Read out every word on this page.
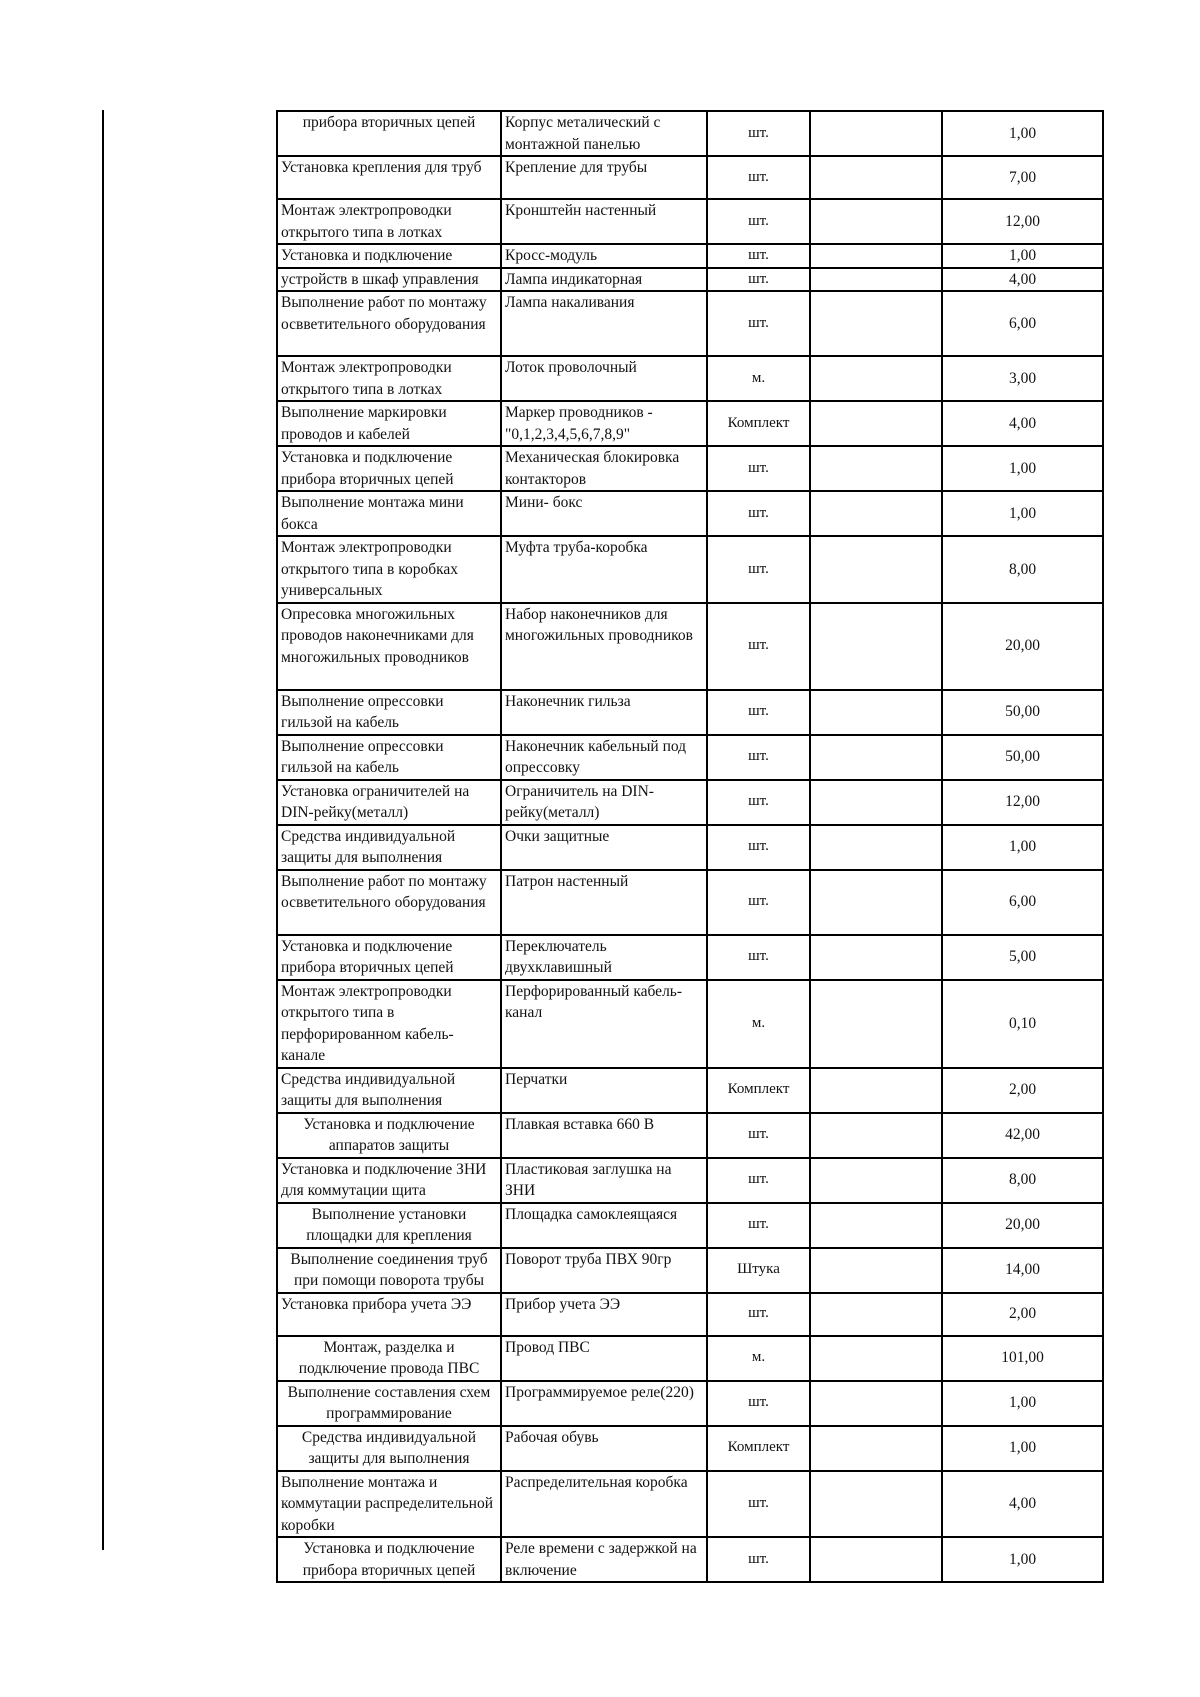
прибора вторичных цепей	Корпус металический с монтажной панелью	шт.		1,00
Установка крепления для труб	Крепление для трубы	шт.		7,00
Монтаж электропроводки открытого типа в лотках	Кронштейн настенный	шт.		12,00
Установка и подключение	Кросс-модуль	шт.		1,00
устройств в шкаф управления	Лампа индикаторная	шт.		4,00
Выполнение работ по монтажу освветительного оборудования	Лампа накаливания	шт.		6,00
Монтаж электропроводки открытого типа в лотках	Лоток проволочный	м.		3,00
Выполнение маркировки проводов и кабелей	Маркер проводников - "0,1,2,3,4,5,6,7,8,9"	Комплект		4,00
Установка и подключение прибора вторичных цепей	Механическая блокировка контакторов	шт.		1,00
Выполнение монтажа мини бокса	Мини- бокс	шт.		1,00
Монтаж электропроводки открытого типа в коробках универсальных	Муфта труба-коробка	шт.		8,00
Опресовка многожильных проводов наконечниками для многожильных проводников	Набор наконечников для многожильных проводников	шт.		20,00
Выполнение опрессовки гильзой на кабель	Наконечник гильза	шт.		50,00
Выполнение опрессовки гильзой на кабель	Наконечник кабельный под опрессовку	шт.		50,00
Установка ограничителей на DIN-рейку(металл)	Ограничитель на DIN-рейку(металл)	шт.		12,00
Средства индивидуальной защиты для выполнения	Очки защитные	шт.		1,00
Выполнение работ по монтажу освветительного оборудования	Патрон настенный	шт.		6,00
Установка и подключение прибора вторичных цепей	Переключатель двухклавишный	шт.		5,00
Монтаж электропроводки открытого типа в перфорированном кабель-канале	Перфорированный кабель-канал	м.		0,10
Средства индивидуальной защиты для выполнения	Перчатки	Комплект		2,00
Установка и подключение аппаратов защиты	Плавкая вставка 660 В	шт.		42,00
Установка и подключение ЗНИ для коммутации щита	Пластиковая заглушка на ЗНИ	шт.		8,00
Выполнение установки площадки для крепления	Площадка самоклеящаяся	шт.		20,00
Выполнение соединения труб при помощи поворота трубы	Поворот труба ПВХ 90гр	Штука		14,00
Установка прибора учета ЭЭ	Прибор учета ЭЭ	шт.		2,00
Монтаж, разделка и подключение провода ПВС	Провод ПВС	м.		101,00
Выполнение составления схем программирование	Программируемое реле(220)	шт.		1,00
Средства индивидуальной защиты для выполнения	Рабочая обувь	Комплект		1,00
Выполнение монтажа и коммутации распределительной коробки	Распределительная коробка	шт.		4,00
Установка и подключение прибора вторичных цепей	Реле времени с задержкой на включение	шт.		1,00
